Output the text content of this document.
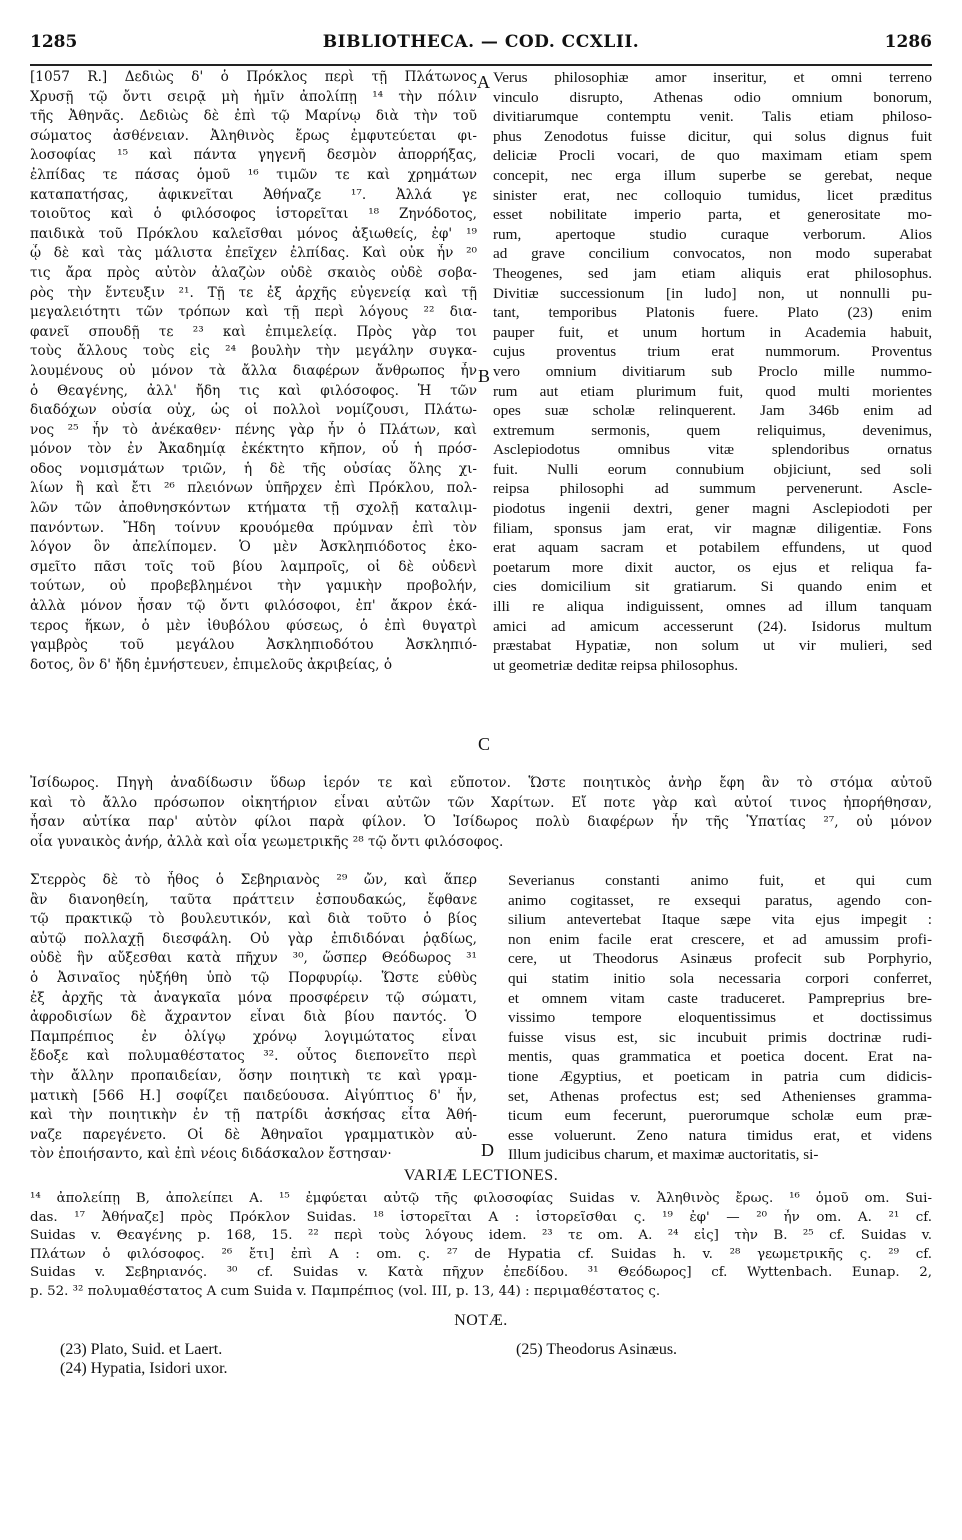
1285	BIBLIOTHECA. — COD. CCXLII.	1286
[1057 R.] Δεδιὼς δ' ὁ Πρόκλος περὶ τῇ Πλάτωνος
Χρυσῇ τῷ ὄντι σειρᾷ μὴ ἡμῖν ἀπολίπῃ ¹⁴ τὴν πόλιν
τῆς Ἀθηνᾶς. Δεδιὼς δὲ ἐπὶ τῷ Μαρίνῳ διὰ τὴν τοῦ
σώματος ἀσθένειαν. Ἀληθινὸς ἔρως ἐμφυτεύεται φι-
λοσοφίας ¹⁵ καὶ πάντα γηγενῆ δεσμὸν ἀπορρήξας,
ἐλπίδας τε πάσας ὁμοῦ ¹⁶ τιμῶν τε καὶ χρημάτων
καταπατήσας, ἀφικνεῖται Ἀθήναζε ¹⁷. Ἀλλά γε
τοιοῦτος καὶ ὁ φιλόσοφος ἱστορεῖται ¹⁸ Ζηνόδοτος,
παιδικὰ τοῦ Πρόκλου καλεῖσθαι μόνος ἀξιωθείς, ἐφ' ¹⁹
ᾧ δὲ καὶ τὰς μάλιστα ἐπεῖχεν ἐλπίδας. Καὶ οὐκ ἦν ²⁰
τις ἄρα πρὸς αὐτὸν ἀλαζὼν οὐδὲ σκαιὸς οὐδὲ σοβα-
ρὸς τὴν ἔντευξιν ²¹. Τῇ τε ἐξ ἀρχῆς εὐγενείᾳ καὶ τῇ
μεγαλειότητι τῶν τρόπων καὶ τῇ περὶ λόγους ²² δια-
φανεῖ σπουδῇ τε ²³ καὶ ἐπιμελείᾳ. Πρὸς γὰρ τοι
τοὺς ἄλλους τοὺς εἰς ²⁴ βουλὴν τὴν μεγάλην συγκα-
λουμένους οὐ μόνον τὰ ἄλλα διαφέρων ἄνθρωπος ἦν
ὁ Θεαγένης, ἀλλ' ἤδη τις καὶ φιλόσοφος. Ἡ τῶν
διαδόχων οὐσία οὐχ, ὡς οἱ πολλοὶ νομίζουσι, Πλάτω-
νος ²⁵ ἦν τὸ ἀνέκαθεν· πένης γὰρ ἦν ὁ Πλάτων, καὶ
μόνον τὸν ἐν Ἀκαδημίᾳ ἐκέκτητο κῆπον, οὗ ἡ πρόσ-
οδος νομισμάτων τριῶν, ἡ δὲ τῆς οὐσίας ὅλης χι-
λίων ἢ καὶ ἔτι ²⁶ πλειόνων ὑπῆρχεν ἐπὶ Πρόκλου, πολ-
λῶν τῶν ἀποθνησκόντων κτήματα τῇ σχολῇ καταλιμ-
πανόντων. Ἤδη τοίνυν κρουόμεθα πρύμναν ἐπὶ τὸν
λόγον ὃν ἀπελίπομεν. Ὁ μὲν Ἀσκληπιόδοτος ἐκο-
σμεῖτο πᾶσι τοῖς τοῦ βίου λαμπροῖς, οἱ δὲ οὐδενὶ
τούτων, οὐ προβεβλημένοι τὴν γαμικὴν προβολήν,
ἀλλὰ μόνον ἦσαν τῷ ὄντι φιλόσοφοι, ἐπ' ἄκρον ἑκά-
τερος ἥκων, ὁ μὲν ἰθυβόλου φύσεως, ὁ ἐπὶ θυγατρὶ
γαμβρὸς τοῦ μεγάλου Ἀσκληπιοδότου Ἀσκληπιό-
δοτος, ὃν δ' ἤδη ἐμνήστευεν, ἐπιμελοῦς ἀκριβείας, ὁ
A
B
C
D
Verus philosophiæ amor inseritur, et omni terreno
vinculo disrupto, Athenas odio omnium bonorum,
divitiarumque contemptu venit. Talis etiam philoso-
phus Zenodotus fuisse dicitur, qui solus dignus fuit
deliciæ Procli vocari, de quo maximam etiam spem
concepit, nec erga illum superbe se gerebat, neque
sinister erat, nec colloquio tumidus, licet præditus
esset nobilitate imperio parta, et generositate mo-
rum, apertoque studio curaque verborum. Alios
ad grave concilium convocatos, non modo superabat
Theogenes, sed jam etiam aliquis erat philosophus.
Divitiæ successionum [in ludo] non, ut nonnulli pu-
tant, temporibus Platonis fuere. Plato (23) enim
pauper fuit, et unum hortum in Academia habuit,
cujus proventus trium erat nummorum. Proventus
vero omnium divitiarum sub Proclo mille nummo-
rum aut etiam plurimum fuit, quod multi morientes
opes suæ scholæ relinquerent. Jam 346b enim ad
extremum sermonis, quem reliquimus, devenimus,
Asclepiodotus omnibus vitæ splendoribus ornatus
fuit. Nulli eorum connubium objiciunt, sed soli
reipsa philosophi ad summum pervenerunt. Ascle-
piodotus ingenii dextri, gener magni Asclepiodoti per
filiam, sponsus jam erat, vir magnæ diligentiæ. Fons
erat aquam sacram et potabilem effundens, ut quod
poetarum more dixit auctor, os ejus et reliqua fa-
cies domicilium sit gratiarum. Si quando enim et
illi re aliqua indiguissent, omnes ad illum tanquam
amici ad amicum accesserunt (24). Isidorus multum
præstabat Hypatiæ, non solum ut vir mulieri, sed
ut geometriæ deditæ reipsa philosophus.
Ἰσίδωρος. Πηγὴ ἀναδίδωσιν ὕδωρ ἱερόν τε καὶ εὔποτον. Ὥστε ποιητικὸς ἀνὴρ ἔφη ἂν τὸ στόμα αὐτοῦ
καὶ τὸ ἄλλο πρόσωπον οἰκητήριον εἶναι αὐτῶν τῶν Χαρίτων. Εἴ ποτε γὰρ καὶ αὐτοί τινος ἠπορήθησαν,
ἦσαν αὐτίκα παρ' αὐτὸν φίλοι παρὰ φίλον. Ὁ Ἰσίδωρος πολὺ διαφέρων ἦν τῆς Ὑπατίας ²⁷, οὐ μόνον
οἷα γυναικὸς ἀνήρ, ἀλλὰ καὶ οἷα γεωμετρικῆς ²⁸ τῷ ὄντι φιλόσοφος.
Στερρὸς δὲ τὸ ἦθος ὁ Σεβηριανὸς ²⁹ ὤν, καὶ ἅπερ
ἂν διανοηθείη, ταῦτα πράττειν ἐσπουδακώς, ἔφθανε
τῷ πρακτικῷ τὸ βουλευτικόν, καὶ διὰ τοῦτο ὁ βίος
αὐτῷ πολλαχῇ διεσφάλη. Οὐ γὰρ ἐπιδιδόναι ῥᾳδίως,
οὐδὲ ἣν αὔξεσθαι κατὰ πῆχυν ³⁰, ὥσπερ Θεόδωρος ³¹
ὁ Ἀσιναῖος ηὐξήθη ὑπὸ τῷ Πορφυρίῳ. Ὥστε εὐθὺς
ἐξ ἀρχῆς τὰ ἀναγκαῖα μόνα προσφέρειν τῷ σώματι,
ἀφροδισίων δὲ ἄχραντον εἶναι διὰ βίου παντός. Ὁ
Παμπρέπιος ἐν ὀλίγῳ χρόνῳ λογιμώτατος εἶναι
ἔδοξε καὶ πολυμαθέστατος ³². οὗτος διεπονεῖτο περὶ
τὴν ἄλλην προπαιδείαν, ὅσην ποιητικὴ τε καὶ γραμ-
ματικὴ [566 H.] σοφίζει παιδεύουσα. Αἰγύπτιος δ' ἦν,
καὶ τὴν ποιητικὴν ἐν τῇ πατρίδι ἀσκήσας εἶτα Ἀθή-
ναζε παρεγένετο. Οἱ δὲ Ἀθηναῖοι γραμματικὸν αὐ-
τὸν ἐποιήσαντο, καὶ ἐπὶ νέοις διδάσκαλον ἔστησαν·
Severianus constanti animo fuit, et qui cum
animo cogitasset, re exsequi paratus, agendo con-
silium antevertebat Itaque sæpe vita ejus impegit :
non enim facile erat crescere, et ad amussim profi-
cere, ut Theodorus Asinæus profecit sub Porphyrio,
qui statim initio sola necessaria corpori conferret,
et omnem vitam caste traduceret. Pampreprius bre-
vissimo tempore eloquentissimus et doctissimus
fuisse visus est, sic incubuit primis doctrinæ rudi-
mentis, quas grammatica et poetica docent. Erat na-
tione Ægyptius, et poeticam in patria cum didicis-
set, Athenas profectus est; sed Athenienses gramma-
ticum eum fecerunt, puerorumque scholæ eum præ-
esse voluerunt. Zeno natura timidus erat, et videns
Illum judicibus charum, et maximæ auctoritatis, si-
VARIÆ LECTIONES.
¹⁴ ἀπολείπῃ B, ἀπολείπει A. ¹⁵ ἐμφύεται αὐτῷ τῆς φιλοσοφίας Suidas v. Ἀληθινὸς ἔρως. ¹⁶ ὁμοῦ om. Sui-
das. ¹⁷ Ἀθήναζε] πρὸς Πρόκλον Suidas. ¹⁸ ἱστορεῖται A : ἱστορεῖσθαι ς. ¹⁹ ἐφ' — ²⁰ ἦν om. A. ²¹ cf.
Suidas v. Θεαγένης p. 168, 15. ²² περὶ τοὺς λόγους idem. ²³ τε om. A. ²⁴ εἰς] τὴν B. ²⁵ cf. Suidas v.
Πλάτων ὁ φιλόσοφος. ²⁶ ἔτι] ἐπὶ A : om. ς. ²⁷ de Hypatia cf. Suidas h. v. ²⁸ γεωμετρικῆς ς. ²⁹ cf.
Suidas v. Σεβηριανός. ³⁰ cf. Suidas v. Κατὰ πῆχυν ἐπεδίδου. ³¹ Θεόδωρος] cf. Wyttenbach. Eunap. 2,
p. 52. ³² πολυμαθέστατος A cum Suida v. Παμπρέπιος (vol. III, p. 13, 44) : περιμαθέστατος ς.
NOTÆ.
(23) Plato, Suid. et Laert.
(24) Hypatia, Isidori uxor.
(25) Theodorus Asinæus.
